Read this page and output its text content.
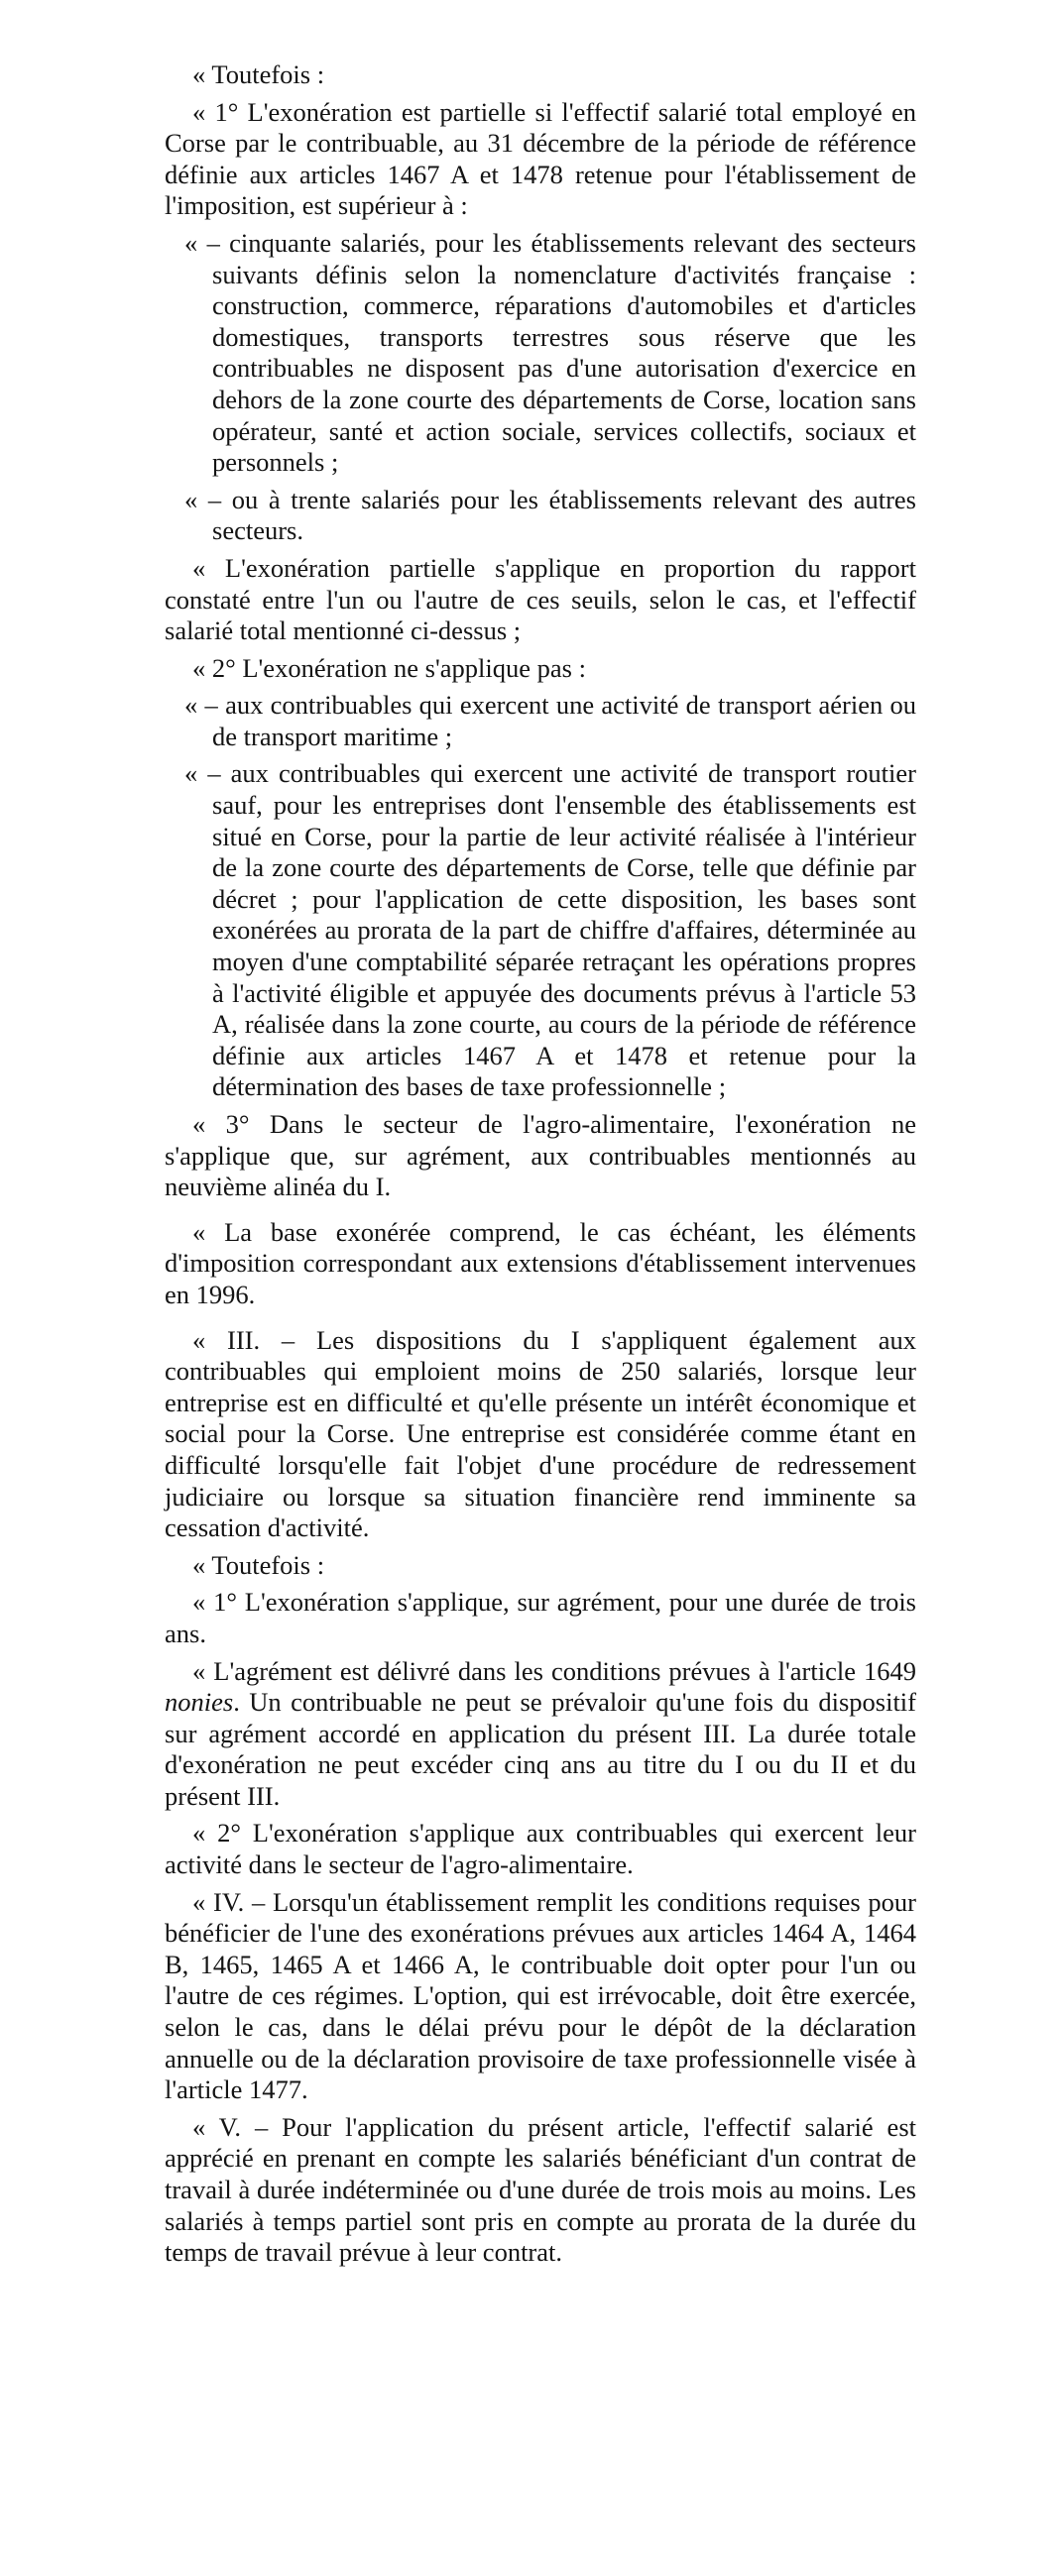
« Toutefois :

« 1° L'exonération est partielle si l'effectif salarié total employé en Corse par le contribuable, au 31 décembre de la période de référence définie aux articles 1467 A et 1478 retenue pour l'établissement de l'imposition, est supérieur à :

« – cinquante salariés, pour les établissements relevant des secteurs suivants définis selon la nomenclature d'activités française : construction, commerce, réparations d'automobiles et d'articles domestiques, transports terrestres sous réserve que les contribuables ne disposent pas d'une autorisation d'exercice en dehors de la zone courte des départements de Corse, location sans opérateur, santé et action sociale, services collectifs, sociaux et personnels ;

« – ou à trente salariés pour les établissements relevant des autres secteurs.

« L'exonération partielle s'applique en proportion du rapport constaté entre l'un ou l'autre de ces seuils, selon le cas, et l'effectif salarié total mentionné ci-dessus ;

« 2° L'exonération ne s'applique pas :

« – aux contribuables qui exercent une activité de transport aérien ou de transport maritime ;

« – aux contribuables qui exercent une activité de transport routier sauf, pour les entreprises dont l'ensemble des établissements est situé en Corse, pour la partie de leur activité réalisée à l'intérieur de la zone courte des départements de Corse, telle que définie par décret ; pour l'application de cette disposition, les bases sont exonérées au prorata de la part de chiffre d'affaires, déterminée au moyen d'une comptabilité séparée retraçant les opérations propres à l'activité éligible et appuyée des documents prévus à l'article 53 A, réalisée dans la zone courte, au cours de la période de référence définie aux articles 1467 A et 1478 et retenue pour la détermination des bases de taxe professionnelle ;

« 3° Dans le secteur de l'agro-alimentaire, l'exonération ne s'applique que, sur agrément, aux contribuables mentionnés au neuvième alinéa du I.

« La base exonérée comprend, le cas échéant, les éléments d'imposition correspondant aux extensions d'établissement intervenues en 1996.

« III. – Les dispositions du I s'appliquent également aux contribuables qui emploient moins de 250 salariés, lorsque leur entreprise est en difficulté et qu'elle présente un intérêt économique et social pour la Corse. Une entreprise est considérée comme étant en difficulté lorsqu'elle fait l'objet d'une procédure de redressement judiciaire ou lorsque sa situation financière rend imminente sa cessation d'activité.

« Toutefois :

« 1° L'exonération s'applique, sur agrément, pour une durée de trois ans.

« L'agrément est délivré dans les conditions prévues à l'article 1649 nonies. Un contribuable ne peut se prévaloir qu'une fois du dispositif sur agrément accordé en application du présent III. La durée totale d'exonération ne peut excéder cinq ans au titre du I ou du II et du présent III.

« 2° L'exonération s'applique aux contribuables qui exercent leur activité dans le secteur de l'agro-alimentaire.

« IV. – Lorsqu'un établissement remplit les conditions requises pour bénéficier de l'une des exonérations prévues aux articles 1464 A, 1464 B, 1465, 1465 A et 1466 A, le contribuable doit opter pour l'un ou l'autre de ces régimes. L'option, qui est irrévocable, doit être exercée, selon le cas, dans le délai prévu pour le dépôt de la déclaration annuelle ou de la déclaration provisoire de taxe professionnelle visée à l'article 1477.

« V. – Pour l'application du présent article, l'effectif salarié est apprécié en prenant en compte les salariés bénéficiant d'un contrat de travail à durée indéterminée ou d'une durée de trois mois au moins. Les salariés à temps partiel sont pris en compte au prorata de la durée du temps de travail prévue à leur contrat.
